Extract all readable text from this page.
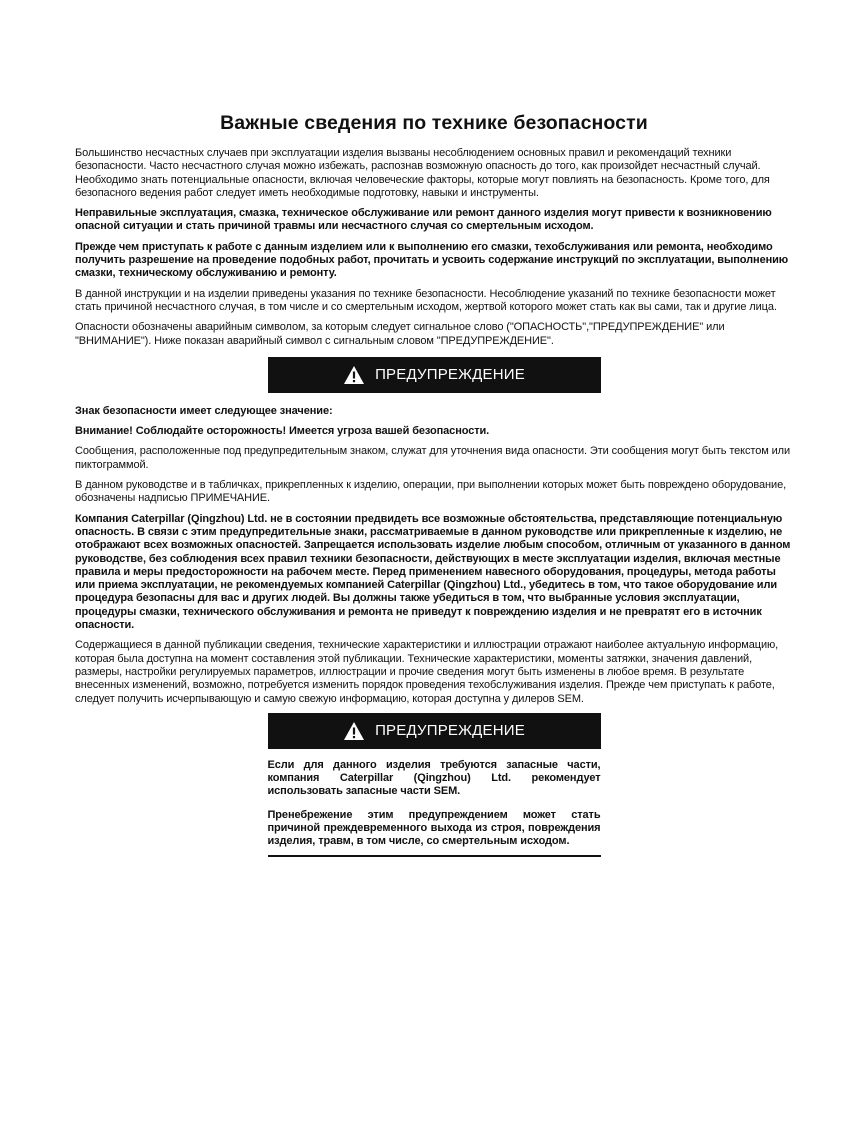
Важные сведения по технике безопасности

Большинство несчастных случаев при эксплуатации изделия вызваны несоблюдением основных правил и рекомендаций техники безопасности. Часто несчастного случая можно избежать, распознав возможную опасность до того, как произойдет несчастный случай. Необходимо знать потенциальные опасности, включая человеческие факторы, которые могут повлиять на безопасность. Кроме того, для безопасного ведения работ следует иметь необходимые подготовку, навыки и инструменты.

Неправильные эксплуатация, смазка, техническое обслуживание или ремонт данного изделия могут привести к возникновению опасной ситуации и стать причиной травмы или несчастного случая со смертельным исходом.

Прежде чем приступать к работе с данным изделием или к выполнению его смазки, техобслуживания или ремонта, необходимо получить разрешение на проведение подобных работ, прочитать и усвоить содержание инструкций по эксплуатации, выполнению смазки, техническому обслуживанию и ремонту.

В данной инструкции и на изделии приведены указания по технике безопасности. Несоблюдение указаний по технике безопасности может стать причиной несчастного случая, в том числе и со смертельным исходом, жертвой которого может стать как вы сами, так и другие лица.

Опасности обозначены аварийным символом, за которым следует сигнальное слово ("ОПАСНОСТЬ","ПРЕДУПРЕЖДЕНИЕ" или "ВНИМАНИЕ"). Ниже показан аварийный символ с сигнальным словом "ПРЕДУПРЕЖДЕНИЕ".

ПРЕДУПРЕЖДЕНИЕ

Знак безопасности имеет следующее значение:

Внимание! Соблюдайте осторожность! Имеется угроза вашей безопасности.

Сообщения, расположенные под предупредительным знаком, служат для уточнения вида опасности. Эти сообщения могут быть текстом или пиктограммой.

В данном руководстве и в табличках, прикрепленных к изделию, операции, при выполнении которых может быть повреждено оборудование, обозначены надписью ПРИМЕЧАНИЕ.

Компания Caterpillar (Qingzhou) Ltd. не в состоянии предвидеть все возможные обстоятельства, представляющие потенциальную опасность. В связи с этим предупредительные знаки, рассматриваемые в данном руководстве или прикрепленные к изделию, не отображают всех возможных опасностей. Запрещается использовать изделие любым способом, отличным от указанного в данном руководстве, без соблюдения всех правил техники безопасности, действующих в месте эксплуатации изделия, включая местные правила и меры предосторожности на рабочем месте. Перед применением навесного оборудования, процедуры, метода работы или приема эксплуатации, не рекомендуемых компанией Caterpillar (Qingzhou) Ltd., убедитесь в том, что такое оборудование или процедура безопасны для вас и других людей. Вы должны также убедиться в том, что выбранные условия эксплуатации, процедуры смазки, технического обслуживания и ремонта не приведут к повреждению изделия и не превратят его в источник опасности.

Содержащиеся в данной публикации сведения, технические характеристики и иллюстрации отражают наиболее актуальную информацию, которая была доступна на момент составления этой публикации. Технические характеристики, моменты затяжки, значения давлений, размеры, настройки регулируемых параметров, иллюстрации и прочие сведения могут быть изменены в любое время. В результате внесенных изменений, возможно, потребуется изменить порядок проведения техобслуживания изделия. Прежде чем приступать к работе, следует получить исчерпывающую и самую свежую информацию, которая доступна у дилеров SEM.

ПРЕДУПРЕЖДЕНИЕ

Если для данного изделия требуются запасные части, компания Caterpillar (Qingzhou) Ltd. рекомендует использовать запасные части SEM.

Пренебрежение этим предупреждением может стать причиной преждевременного выхода из строя, повреждения изделия, травм, в том числе, со смертельным исходом.
